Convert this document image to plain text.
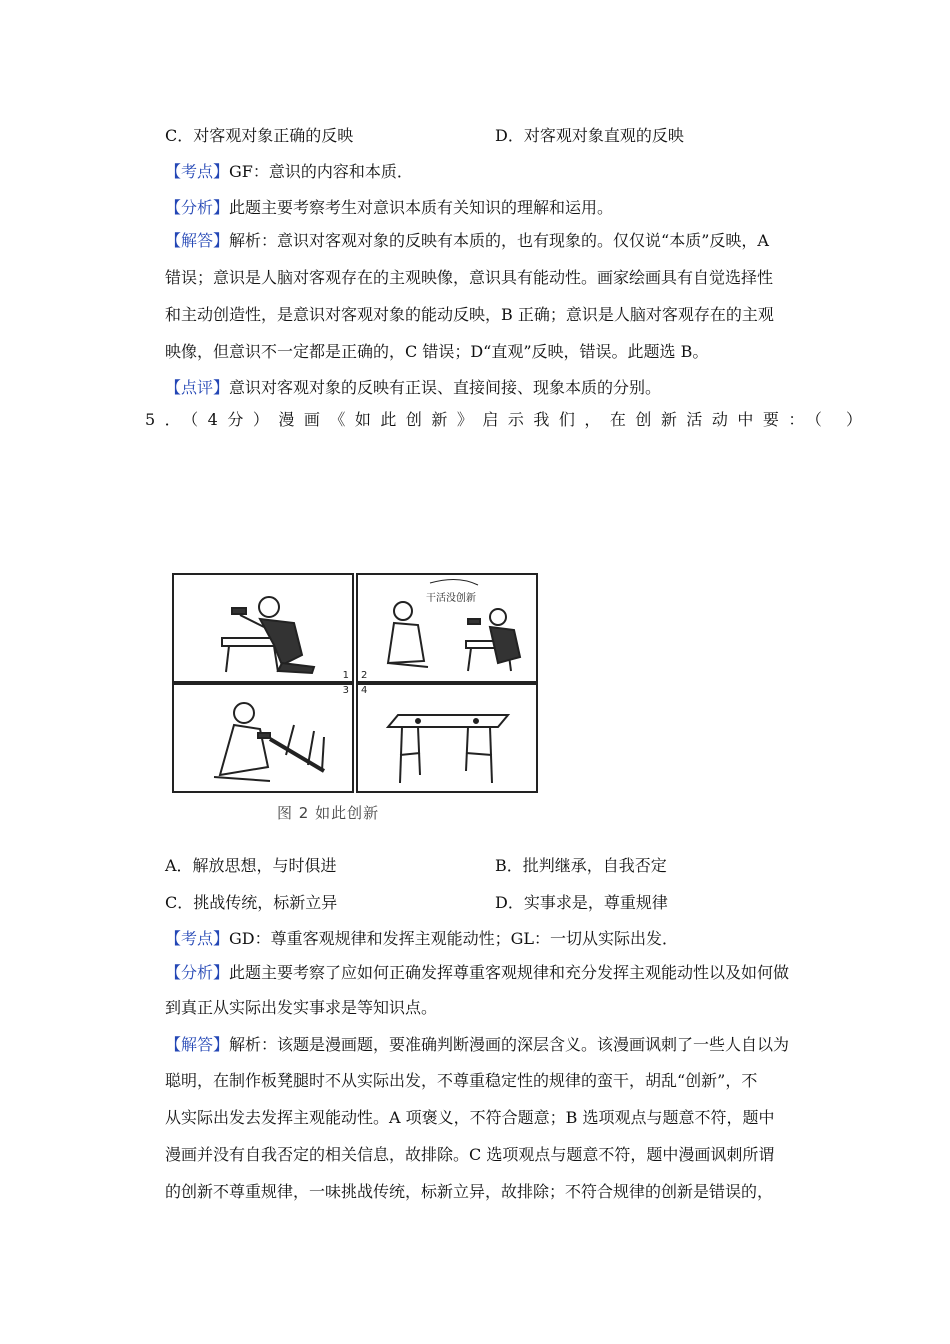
C．对客观对象正确的反映	D．对客观对象直观的反映
【考点】GF：意识的内容和本质．
【分析】此题主要考察考生对意识本质有关知识的理解和运用。
【解答】解析：意识对客观对象的反映有本质的，也有现象的。仅仅说“本质”反映，A
错误；意识是人脑对客观存在的主观映像，意识具有能动性。画家绘画具有自觉选择性
和主动创造性，是意识对客观对象的能动反映，B 正确；意识是人脑对客观存在的主观
映像，但意识不一定都是正确的，C 错误；D“直观”反映，错误。此题选 B。
【点评】意识对客观对象的反映有正误、直接间接、现象本质的分别。
5．（4分）漫画《如此创新》启示我们，在创新活动中要：（ ）
1
干活没创新
2
3 4
图 2 如此创新
A．解放思想，与时俱进	B．批判继承，自我否定
C．挑战传统，标新立异	D．实事求是，尊重规律
【考点】GD：尊重客观规律和发挥主观能动性；GL：一切从实际出发．
【分析】此题主要考察了应如何正确发挥尊重客观规律和充分发挥主观能动性以及如何做
到真正从实际出发实事求是等知识点。
【解答】解析：该题是漫画题，要准确判断漫画的深层含义。该漫画讽刺了一些人自以为
聪明，在制作板凳腿时不从实际出发，不尊重稳定性的规律的蛮干，胡乱“创新”，不
从实际出发去发挥主观能动性。A 项褒义，不符合题意；B 选项观点与题意不符，题中
漫画并没有自我否定的相关信息，故排除。C 选项观点与题意不符，题中漫画讽刺所谓
的创新不尊重规律，一味挑战传统，标新立异，故排除；不符合规律的创新是错误的，
